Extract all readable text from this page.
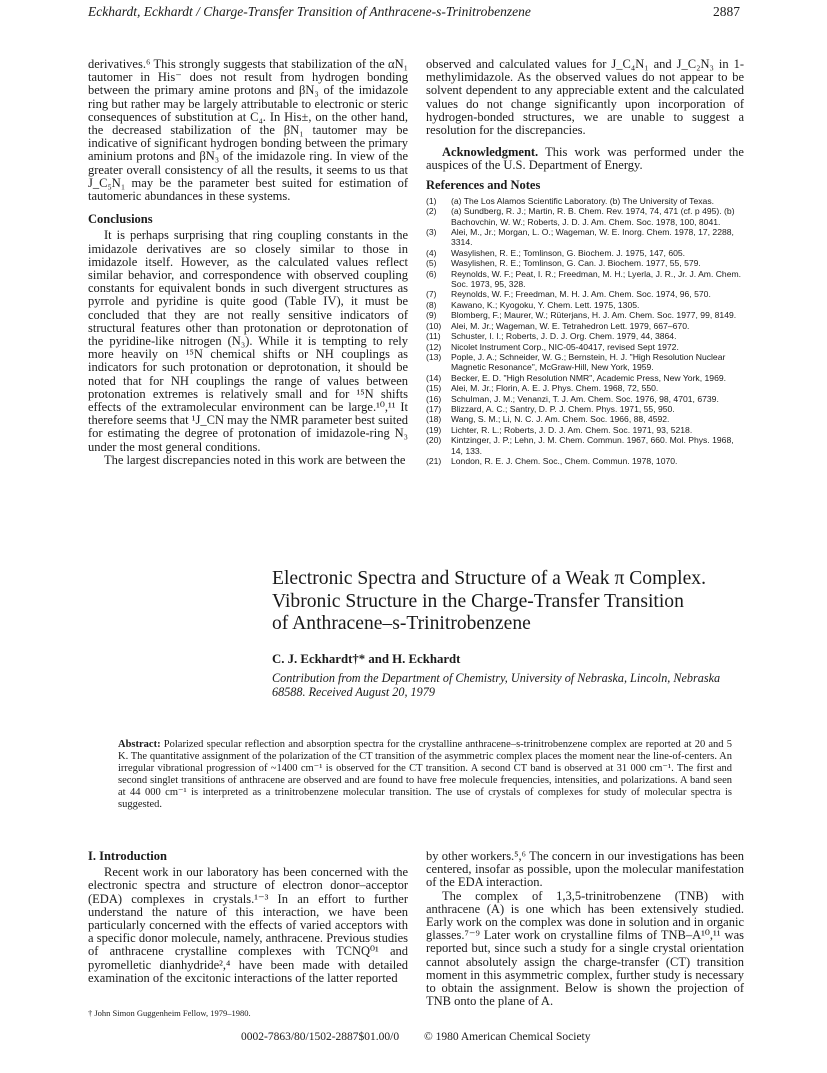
Eckhardt, Eckhardt / Charge-Transfer Transition of Anthracene-s-Trinitrobenzene	2887

derivatives.⁶ This strongly suggests that stabilization of the αN₁ tautomer in His⁻ does not result from hydrogen bonding between the primary amine protons and βN₃ of the imidazole ring but rather may be largely attributable to electronic or steric consequences of substitution at C₄. In His±, on the other hand, the decreased stabilization of the βN₁ tautomer may be indicative of significant hydrogen bonding between the primary aminium protons and βN₃ of the imidazole ring. In view of the greater overall consistency of all the results, it seems to us that J_C₅N₁ may be the parameter best suited for estimation of tautomeric abundances in these systems.

Conclusions

It is perhaps surprising that ring coupling constants in the imidazole derivatives are so closely similar to those in imidazole itself. However, as the calculated values reflect similar behavior, and correspondence with observed coupling constants for equivalent bonds in such divergent structures as pyrrole and pyridine is quite good (Table IV), it must be concluded that they are not really sensitive indicators of structural features other than protonation or deprotonation of the pyridine-like nitrogen (N₃). While it is tempting to rely more heavily on ¹⁵N chemical shifts or NH couplings as indicators for such protonation or deprotonation, it should be noted that for NH couplings the range of values between protonation extremes is relatively small and for ¹⁵N shifts effects of the extramolecular environment can be large.¹⁰,¹¹ It therefore seems that ¹J_CN may the NMR parameter best suited for estimating the degree of protonation of imidazole-ring N₃ under the most general conditions.

The largest discrepancies noted in this work are between the

observed and calculated values for J_C₄N₁ and J_C₂N₃ in 1-methylimidazole. As the observed values do not appear to be solvent dependent to any appreciable extent and the calculated values do not change significantly upon incorporation of hydrogen-bonded structures, we are unable to suggest a resolution for the discrepancies.

Acknowledgment. This work was performed under the auspices of the U.S. Department of Energy.

References and Notes

(1) (a) The Los Alamos Scientific Laboratory. (b) The University of Texas.
(2) (a) Sundberg, R. J.; Martin, R. B. Chem. Rev. 1974, 74, 471 (cf. p 495). (b) Bachovchin, W. W.; Roberts, J. D. J. Am. Chem. Soc. 1978, 100, 8041.
(3) Alei, M., Jr.; Morgan, L. O.; Wageman, W. E. Inorg. Chem. 1978, 17, 2288, 3314.
(4) Wasylishen, R. E.; Tomlinson, G. Biochem. J. 1975, 147, 605.
(5) Wasylishen, R. E.; Tomlinson, G. Can. J. Biochem. 1977, 55, 579.
(6) Reynolds, W. F.; Peat, I. R.; Freedman, M. H.; Lyerla, J. R., Jr. J. Am. Chem. Soc. 1973, 95, 328.
(7) Reynolds, W. F.; Freedman, M. H. J. Am. Chem. Soc. 1974, 96, 570.
(8) Kawano, K.; Kyogoku, Y. Chem. Lett. 1975, 1305.
(9) Blomberg, F.; Maurer, W.; Rüterjans, H. J. Am. Chem. Soc. 1977, 99, 8149.
(10) Alei, M. Jr.; Wageman, W. E. Tetrahedron Lett. 1979, 667–670.
(11) Schuster, I. I.; Roberts, J. D. J. Org. Chem. 1979, 44, 3864.
(12) Nicolet Instrument Corp., NIC-05-40417, revised Sept 1972.
(13) Pople, J. A.; Schneider, W. G.; Bernstein, H. J. "High Resolution Nuclear Magnetic Resonance", McGraw-Hill, New York, 1959.
(14) Becker, E. D. "High Resolution NMR", Academic Press, New York, 1969.
(15) Alei, M. Jr.; Florin, A. E. J. Phys. Chem. 1968, 72, 550.
(16) Schulman, J. M.; Venanzi, T. J. Am. Chem. Soc. 1976, 98, 4701, 6739.
(17) Blizzard, A. C.; Santry, D. P. J. Chem. Phys. 1971, 55, 950.
(18) Wang, S. M.; Li, N. C. J. Am. Chem. Soc. 1966, 88, 4592.
(19) Lichter, R. L.; Roberts, J. D. J. Am. Chem. Soc. 1971, 93, 5218.
(20) Kintzinger, J. P.; Lehn, J. M. Chem. Commun. 1967, 660. Mol. Phys. 1968, 14, 133.
(21) London, R. E. J. Chem. Soc., Chem. Commun. 1978, 1070.
Electronic Spectra and Structure of a Weak π Complex.
Vibronic Structure in the Charge-Transfer Transition
of Anthracene–s-Trinitrobenzene
C. J. Eckhardt†* and H. Eckhardt
Contribution from the Department of Chemistry, University of Nebraska, Lincoln, Nebraska 68588. Received August 20, 1979
Abstract: Polarized specular reflection and absorption spectra for the crystalline anthracene–s-trinitrobenzene complex are reported at 20 and 5 K. The quantitative assignment of the polarization of the CT transition of the asymmetric complex places the moment near the line-of-centers. An irregular vibrational progression of ~1400 cm⁻¹ is observed for the CT transition. A second CT band is observed at 31 000 cm⁻¹. The first and second singlet transitions of anthracene are observed and are found to have free molecule frequencies, intensities, and polarizations. A band seen at 44 000 cm⁻¹ is interpreted as a trinitrobenzene molecular transition. The use of crystals of complexes for study of molecular spectra is suggested.

I. Introduction

Recent work in our laboratory has been concerned with the electronic spectra and structure of electron donor–acceptor (EDA) complexes in crystals.¹⁻³ In an effort to further understand the nature of this interaction, we have been particularly concerned with the effects of varied acceptors with a specific donor molecule, namely, anthracene. Previous studies of anthracene crystalline complexes with TCNQ⁰¹ and pyromelletic dianhydride²,⁴ have been made with detailed examination of the excitonic interactions of the latter reported

by other workers.⁵,⁶ The concern in our investigations has been centered, insofar as possible, upon the molecular manifestation of the EDA interaction.

The complex of 1,3,5-trinitrobenzene (TNB) with anthracene (A) is one which has been extensively studied. Early work on the complex was done in solution and in organic glasses.⁷⁻⁹ Later work on crystalline films of TNB–A¹⁰,¹¹ was reported but, since such a study for a single crystal orientation cannot absolutely assign the charge-transfer (CT) transition moment in this asymmetric complex, further study is necessary to obtain the assignment. Below is shown the projection of TNB onto the plane of A.

† John Simon Guggenheim Fellow, 1979–1980.
0002-7863/80/1502-2887$01.00/0 © 1980 American Chemical Society
